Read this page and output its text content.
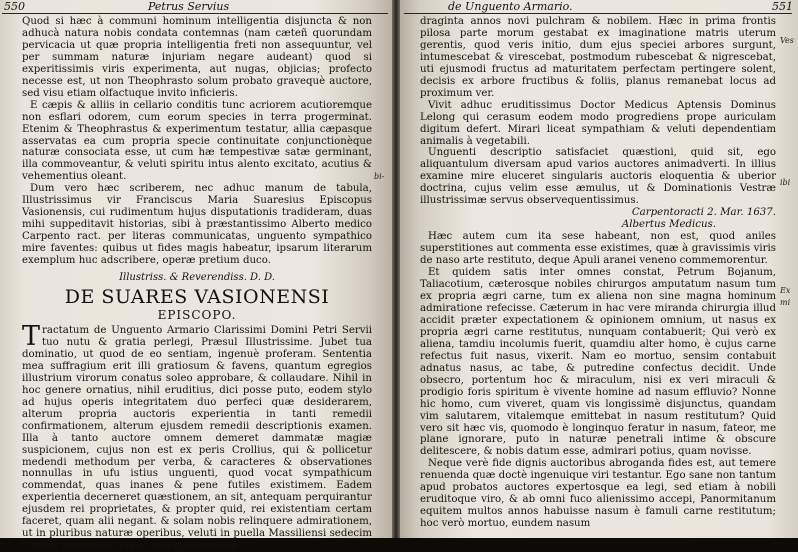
550	Petrus Servius

Quod si hæc à communi hominum intelligentia disjuncta & non adhucà natura nobis condata contemnas (nam cæteñ quorundam pervicacia ut quæ propria intelligentia freti non assequuntur, vel per summam naturæ injuriam negare audeant) quod si experitissimis viris experimenta, aut nugas, objicias; profecto necesse est, ut non Theophrasto solum probato gravequè auctore, sed visu etiam olfactuque invito inficieris.

E cæpis & alliis in cellario conditis tunc acriorem acutioremque non esflari odorem, cum eorum species in terra progerminat. Etenim & Theophrastus & experimentum testatur, allia cæpasque asservatas ea cum propria specie continuitate conjunctionèque naturæ consociata esse, ut cum hæ tempestivæ satæ germinant, illa commoveantur, & veluti spiritu intus alento excitato, acutius & vehementius oleant.

Dum vero hæc scriberem, nec adhuc manum de tabula, Illustrissimus vir Franciscus Maria Suaresius Episcopus Vasionensis, cui rudimentum hujus disputationis tradideram, duas mihi suppeditavit historias, sibi à præstantissimo Alberto medico Carpento ract. per literas communicatas, unguento sympathico mire faventes: quibus ut fides magis habeatur, ipsarum literarum exemplum huc adscribere, operæ pretium duco.

Illustriss. & Reverendiss. D. D.
DE SUARES VASIONENSI
EPISCOPO.

Tractatum de Unguento Armario Clarissimi Domini Petri Servii tuo nutu & gratia perlegi, Præsul Illustrissime. Jubet tua dominatio, ut quod de eo sentiam, ingenuè proferam. Sententia mea suffragium erit illi gratiosum & favens, quantum egregios illustrium virorum conatus soleo approbare, & collaudare. Nihil in hoc genere ornatius, nihil eruditius, dici posse puto, eodem stylo ad hujus operis integritatem duo perfeci quæ desiderarem, alterum propria auctoris experientia in tanti remedii confirmationem, alterum ejusdem remedii descriptionis examen. Illa à tanto auctore omnem demeret dammatæ magiæ suspicionem, cujus non est ex peris Crollius, qui & pollicetur medendi methodum per verba, & caracteres & observationes nonnullas in ufu istius unguenti, quod vocat sympathicum commendat, quas inanes & pene futiles existimem. Eadem experientia decerneret quæstionem, an sit, antequam perquirantur ejusdem rei proprietates, & propter quid, rei existentiam certam faceret, quam alii negant. & solam nobis relinquere admirationem, ut in pluribus naturæ operibus, veluti in puella Massiliensi sedecim circiter annorum, quam ante quadraginta

bi-
de Unguento Armario.	551

draginta annos novi pulchram & nobilem. Hæc in prima frontis pilosa parte morum gestabat ex imaginatione matris uterum gerentis, quod veris initio, dum ejus speciei arbores surgunt, intumescebat & virescebat, postmodum rubescebat & nigrescebat, uti ejusmodi fructus ad maturitatem perfectam pertingere solent, decisis ex arbore fructibus & foliis, planus remanebat locus ad proximum ver.

Vivit adhuc eruditissimus Doctor Medicus Aptensis Dominus Lelong qui cerasum eodem modo progrediens prope auriculam digitum defert. Mirari liceat sympathiam & veluti dependentiam animalis à vegetabili.

Unguenti descriptio satisfaciet quæstioni, quid sit, ego aliquantulum diversam apud varios auctores animadverti. In illius examine mire eluceret singularis auctoris eloquentia & uberior doctrina, cujus velim esse æmulus, ut & Dominationis Vestræ illustrissimæ servus observequentissimus.

Carpentoracti 2. Mar. 1637.
Albertus Medicus.

Hæc autem cum ita sese habeant, non est, quod aniles superstitiones aut commenta esse existimes, quæ à gravissimis viris de naso arte restituto, deque Apuli aranei veneno commemorentur.

Et quidem satis inter omnes constat, Petrum Bojanum, Taliacotium, cæterosque nobiles chirurgos amputatum nasum tum ex propria ægri carne, tum ex aliena non sine magna hominum admiratione refecisse. Cæterum in hac vere miranda chirurgia illud accidit præter expectationem & opinionem omnium, ut nasus ex propria ægri carne restitutus, nunquam contabuerit; Qui verò ex aliena, tamdiu incolumis fuerit, quamdiu alter homo, è cujus carne refectus fuit nasus, vixerit. Nam eo mortuo, sensim contabuit adnatus nasus, ac tabe, & putredine confectus decidit. Unde obsecro, portentum hoc & miraculum, nisi ex veri miraculi & prodigio foris spiritum è vivente homine ad nasum effluvio? Nonne hic homo, cum viveret, quam vis longissimè disjunctus, quandam vim salutarem, vitalemque emittebat in nasum restitutum? Quid vero sit hæc vis, quomodo è longinquo feratur in nasum, fateor, me plane ignorare, puto in naturæ penetrali intime & obscure delitescere, & nobis datum esse, admirari potius, quam novisse.

Neque verè fide dignis auctoribus abroganda fides est, aut temere renuenda quæ doctè ingenuique viri testantur. Ego sane non tantum apud probatos auctores expertosque ea legi, sed etiam à nobili eruditoque viro, & ab omni fuco alienissimo accepi, Panormitanum equitem multos annos habuisse nasum è famuli carne restitutum; hoc verò mortuo, eundem nasum

Ves
ibi
Ex
mi
